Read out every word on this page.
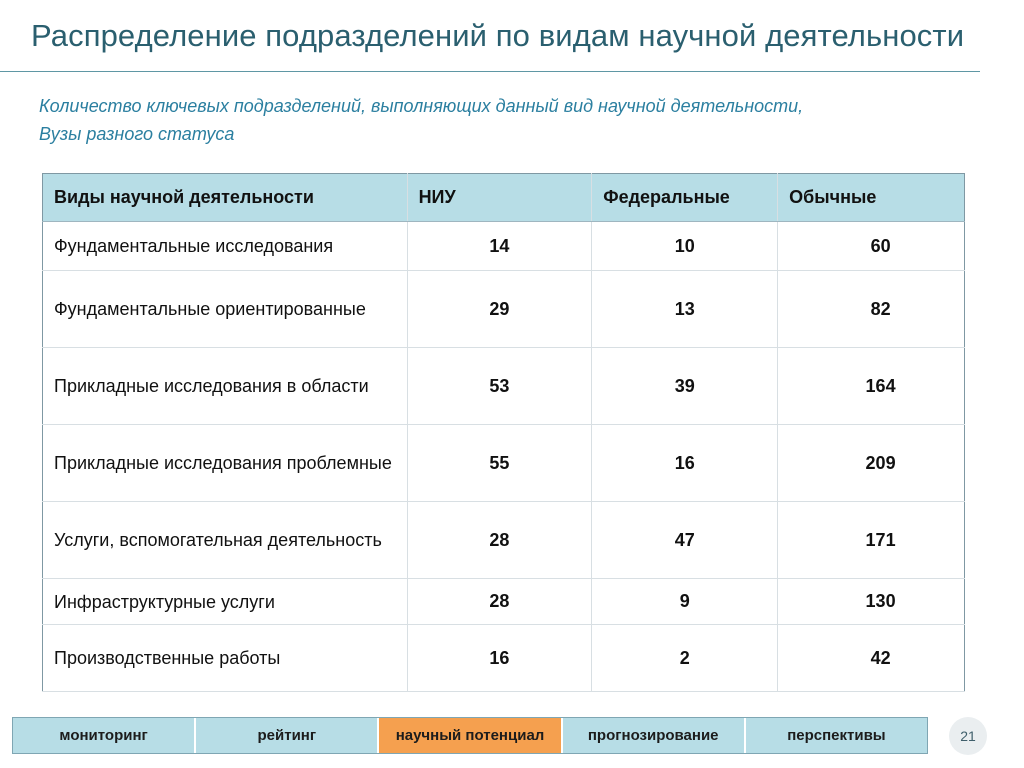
Распределение подразделений по видам научной деятельности
Количество ключевых подразделений, выполняющих данный вид научной деятельности,
Вузы разного статуса
Виды научной деятельности	НИУ	Федеральные	Обычные
Фундаментальные исследования	14	10	60
Фундаментальные ориентированные	29	13	82
Прикладные исследования в области	53	39	164
Прикладные исследования проблемные	55	16	209
Услуги, вспомогательная деятельность	28	47	171
Инфраструктурные услуги	28	9	130
Производственные работы	16	2	42
мониторинг	рейтинг	научный потенциал	прогнозирование	перспективы	21
